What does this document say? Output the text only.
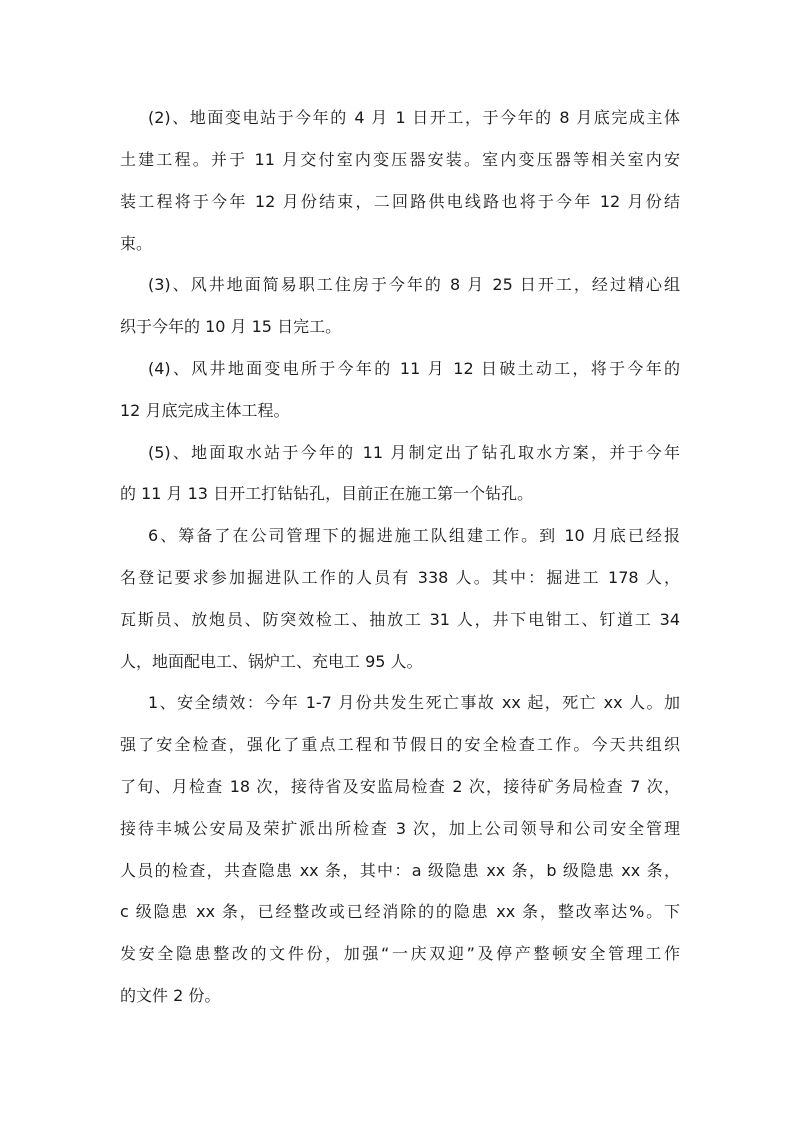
(2)、地面变电站于今年的 4 月 1 日开工，于今年的 8 月底完成主体
土建工程。并于 11 月交付室内变压器安装。室内变压器等相关室内安
装工程将于今年 12 月份结束，二回路供电线路也将于今年 12 月份结
束。
(3)、风井地面简易职工住房于今年的 8 月 25 日开工，经过精心组
织于今年的 10 月 15 日完工。
(4)、风井地面变电所于今年的 11 月 12 日破土动工，将于今年的
12 月底完成主体工程。
(5)、地面取水站于今年的 11 月制定出了钻孔取水方案，并于今年
的 11 月 13 日开工打钻钻孔，目前正在施工第一个钻孔。
6、筹备了在公司管理下的掘进施工队组建工作。到 10 月底已经报
名登记要求参加掘进队工作的人员有 338 人。其中：掘进工 178 人，
瓦斯员、放炮员、防突效检工、抽放工 31 人，井下电钳工、钉道工 34
人，地面配电工、锅炉工、充电工 95 人。
1、安全绩效：今年 1-7 月份共发生死亡事故 xx 起，死亡 xx 人。加
强了安全检查，强化了重点工程和节假日的安全检查工作。今天共组织
了旬、月检查 18 次，接待省及安监局检查 2 次，接待矿务局检查 7 次，
接待丰城公安局及荣扩派出所检查 3 次，加上公司领导和公司安全管理
人员的检查，共查隐患 xx 条，其中：a 级隐患 xx 条，b 级隐患 xx 条，
c 级隐患 xx 条，已经整改或已经消除的的隐患 xx 条，整改率达%。下
发安全隐患整改的文件份，加强“一庆双迎”及停产整顿安全管理工作
的文件 2 份。
